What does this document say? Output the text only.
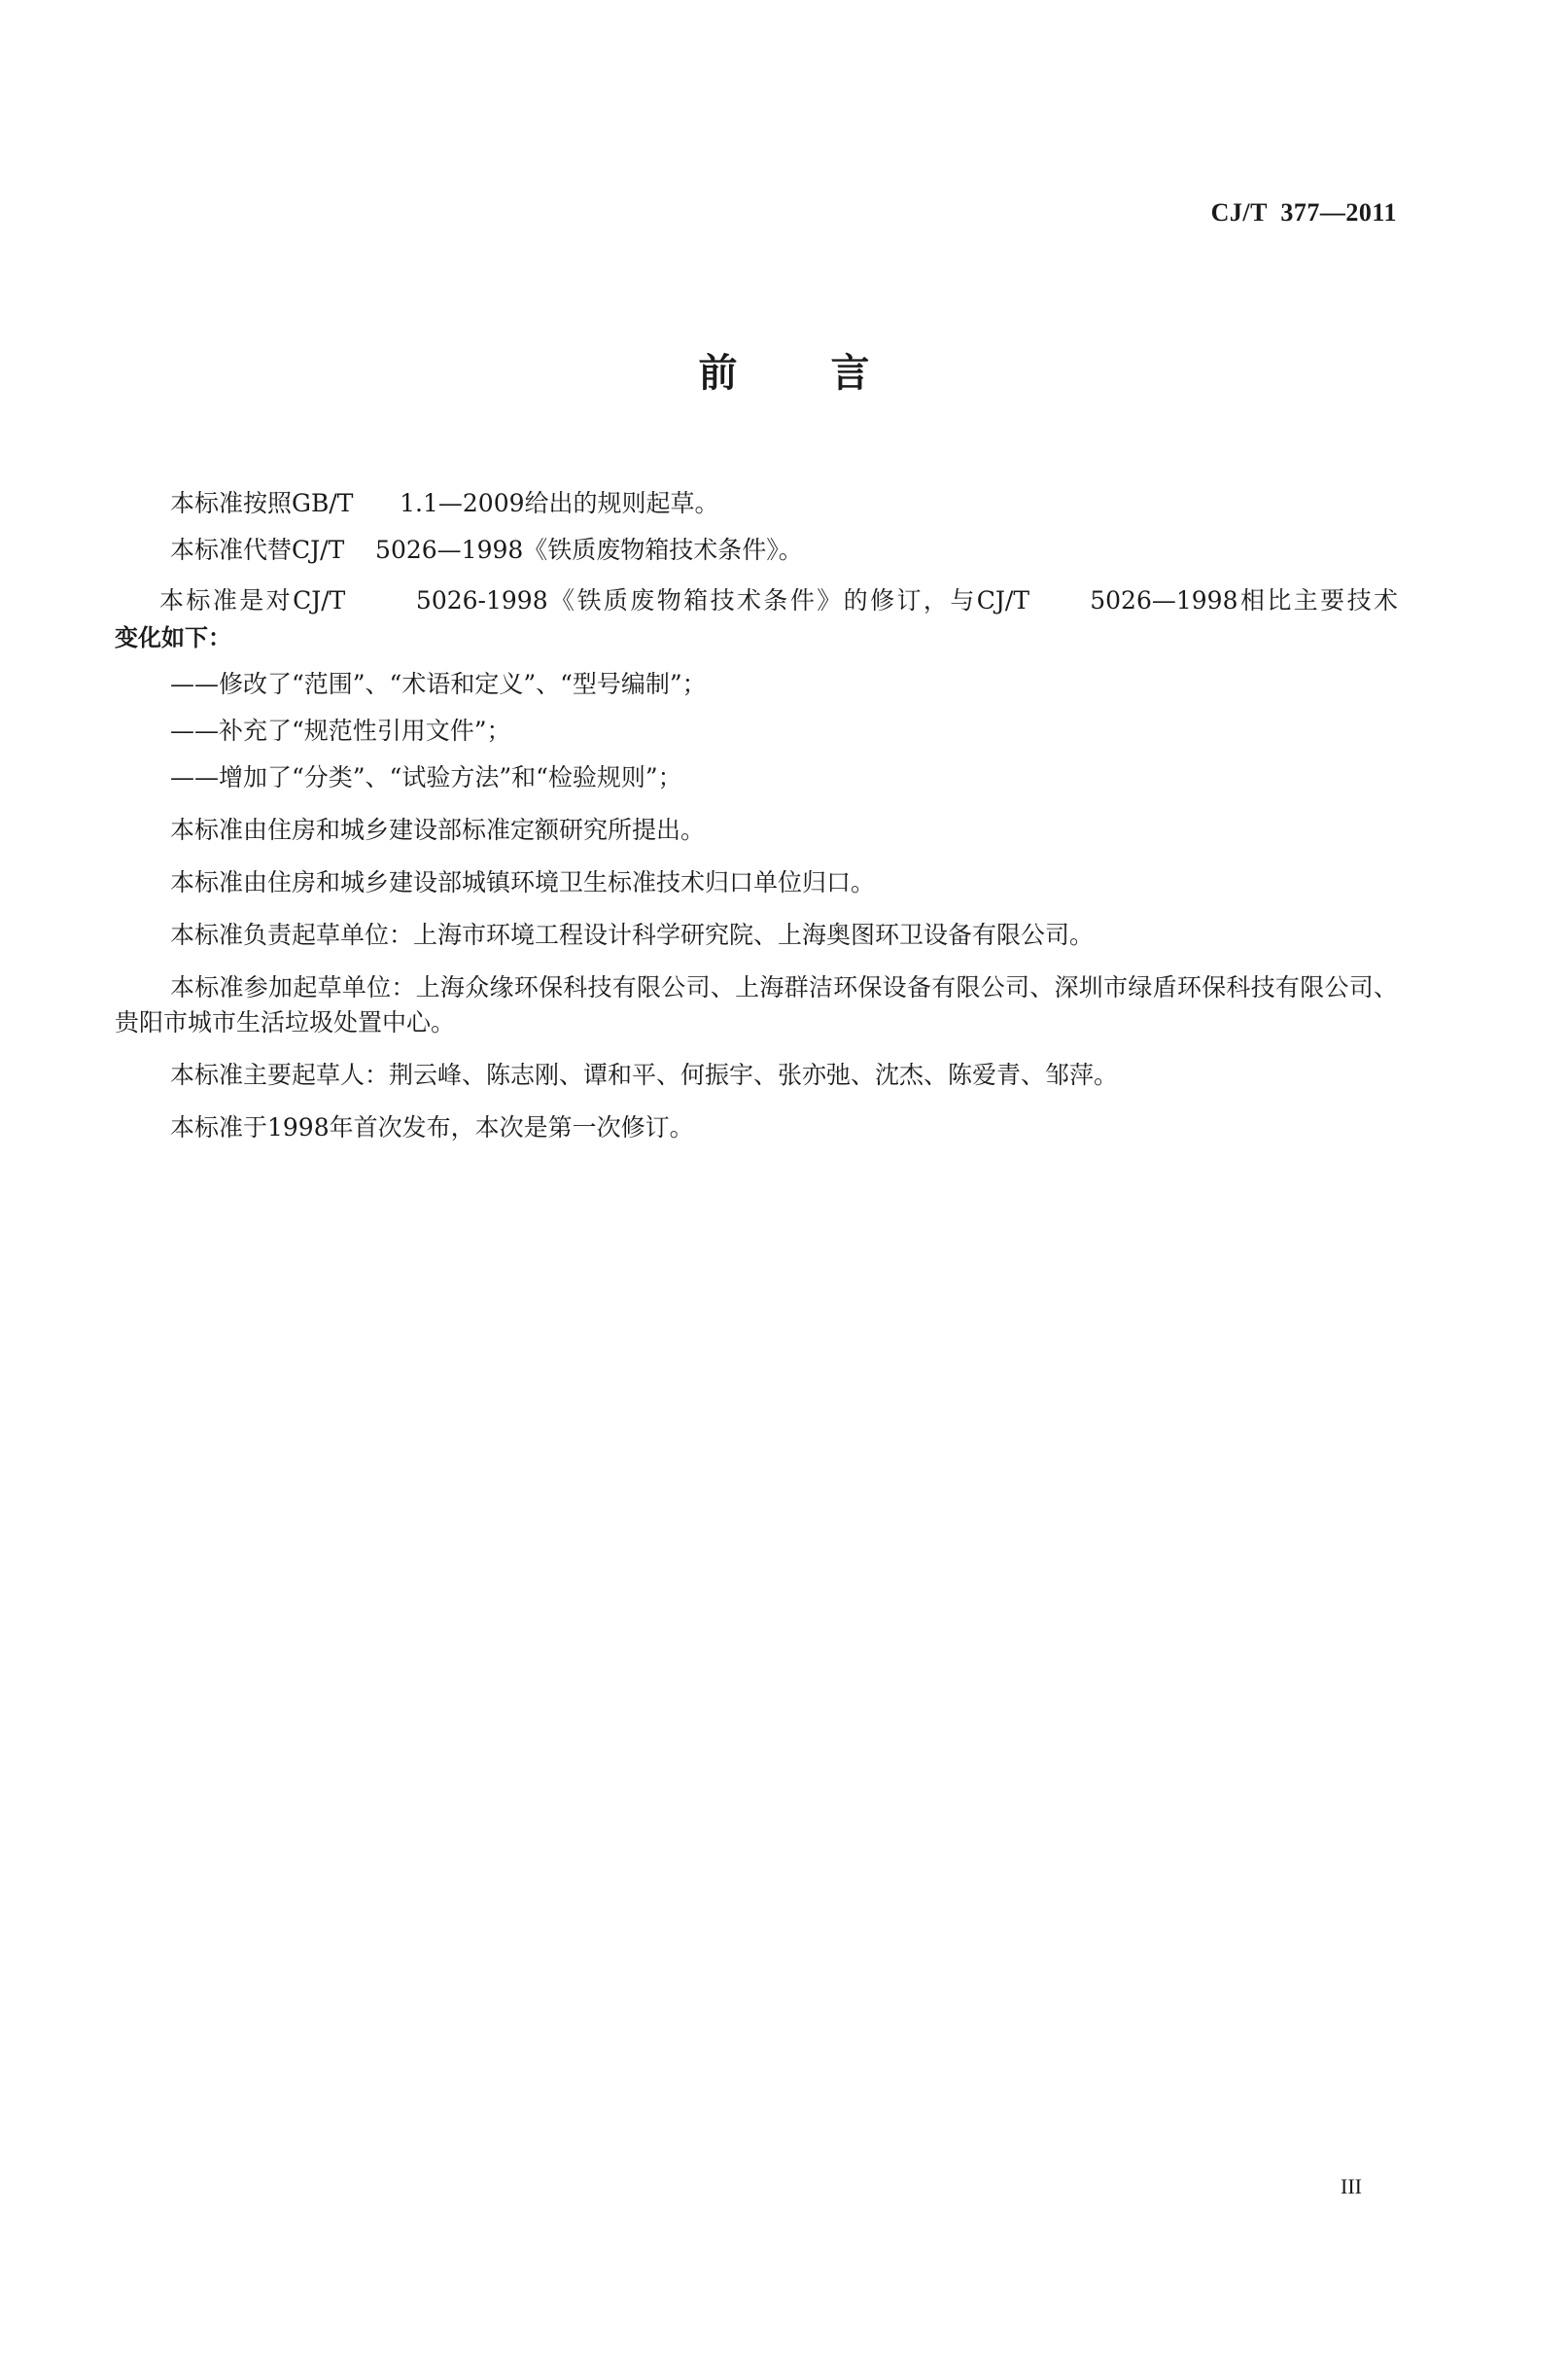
CJ/T  377—2011
前言

本标准按照GB/T      1.1—2009给出的规则起草。

本标准代替CJ/T    5026—1998《铁质废物箱技术条件》。

本标准是对CJ/T       5026-1998《铁质废物箱技术条件》的修订，与CJ/T      5026—1998相比主要技术

变化如下：

——修改了“范围”、“术语和定义”、“型号编制”；

——补充了“规范性引用文件”；

——增加了“分类”、“试验方法”和“检验规则”；

本标准由住房和城乡建设部标准定额研究所提出。

本标准由住房和城乡建设部城镇环境卫生标准技术归口单位归口。

本标准负责起草单位：上海市环境工程设计科学研究院、上海奥图环卫设备有限公司。

本标准参加起草单位：上海众缘环保科技有限公司、上海群洁环保设备有限公司、深圳市绿盾环保科技有限公司、贵阳市城市生活垃圾处置中心。

本标准主要起草人：荆云峰、陈志刚、谭和平、何振宇、张亦弛、沈杰、陈爱青、邹萍。

本标准于1998年首次发布，本次是第一次修订。

III
